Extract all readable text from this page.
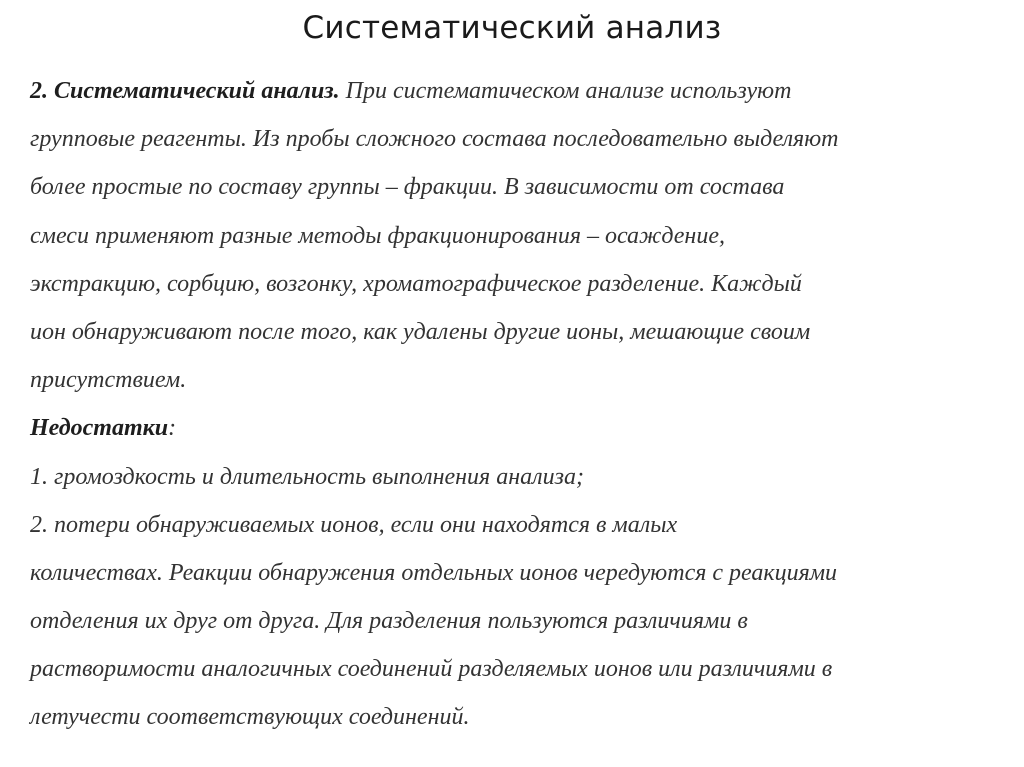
Систематический анализ
2. Систематический анализ. При систематическом анализе используют
групповые реагенты. Из пробы сложного состава последовательно выделяют
более простые по составу группы – фракции. В зависимости от состава
смеси применяют разные методы фракционирования – осаждение,
экстракцию, сорбцию, возгонку, хроматографическое разделение. Каждый
ион обнаруживают после того, как удалены другие ионы, мешающие своим
присутствием.
Недостатки:
1. громоздкость и длительность выполнения анализа;
2. потери обнаруживаемых ионов, если они находятся в малых
количествах. Реакции обнаружения отдельных ионов чередуются с реакциями
отделения их друг от друга. Для разделения пользуются различиями в
растворимости аналогичных соединений разделяемых ионов или различиями в
летучести соответствующих соединений.
